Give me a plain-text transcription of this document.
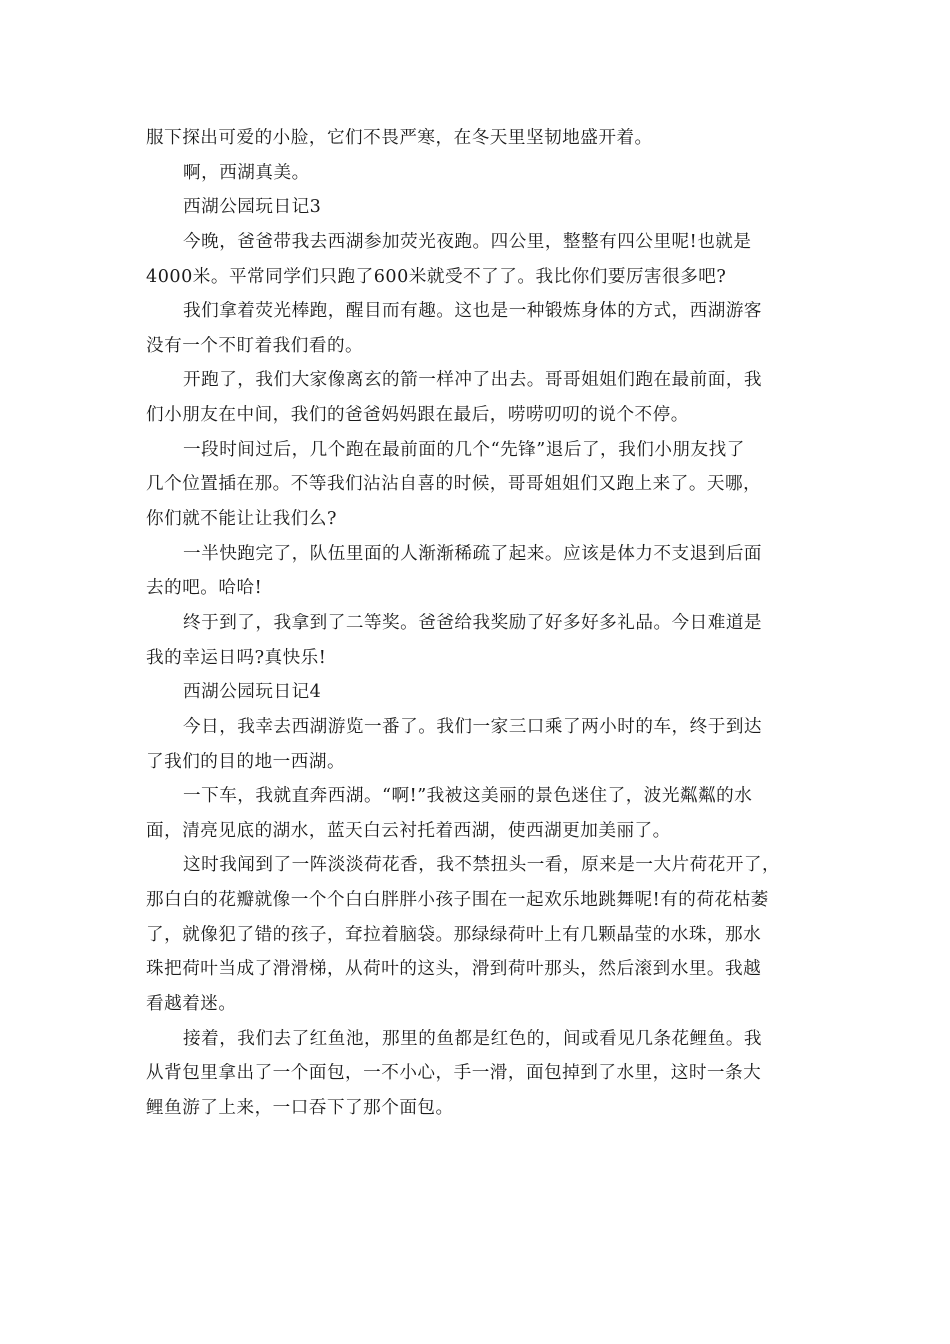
服下探出可爱的小脸，它们不畏严寒，在冬天里坚韧地盛开着。
啊，西湖真美。
西湖公园玩日记3
今晚，爸爸带我去西湖参加荧光夜跑。四公里，整整有四公里呢!也就是
4000米。平常同学们只跑了600米就受不了了。我比你们要厉害很多吧?
我们拿着荧光棒跑，醒目而有趣。这也是一种锻炼身体的方式，西湖游客
没有一个不盯着我们看的。
开跑了，我们大家像离玄的箭一样冲了出去。哥哥姐姐们跑在最前面，我
们小朋友在中间，我们的爸爸妈妈跟在最后，唠唠叨叨的说个不停。
一段时间过后，几个跑在最前面的几个“先锋”退后了，我们小朋友找了
几个位置插在那。不等我们沾沾自喜的时候，哥哥姐姐们又跑上来了。天哪，
你们就不能让让我们么?
一半快跑完了，队伍里面的人渐渐稀疏了起来。应该是体力不支退到后面
去的吧。哈哈!
终于到了，我拿到了二等奖。爸爸给我奖励了好多好多礼品。今日难道是
我的幸运日吗?真快乐!
西湖公园玩日记4
今日，我幸去西湖游览一番了。我们一家三口乘了两小时的车，终于到达
了我们的目的地一西湖。
一下车，我就直奔西湖。“啊!”我被这美丽的景色迷住了，波光粼粼的水
面，清亮见底的湖水，蓝天白云衬托着西湖，使西湖更加美丽了。
这时我闻到了一阵淡淡荷花香，我不禁扭头一看，原来是一大片荷花开了，
那白白的花瓣就像一个个白白胖胖小孩子围在一起欢乐地跳舞呢!有的荷花枯萎
了，就像犯了错的孩子，耷拉着脑袋。那绿绿荷叶上有几颗晶莹的水珠，那水
珠把荷叶当成了滑滑梯，从荷叶的这头，滑到荷叶那头，然后滚到水里。我越
看越着迷。
接着，我们去了红鱼池，那里的鱼都是红色的，间或看见几条花鲤鱼。我
从背包里拿出了一个面包，一不小心，手一滑，面包掉到了水里，这时一条大
鲤鱼游了上来，一口吞下了那个面包。
